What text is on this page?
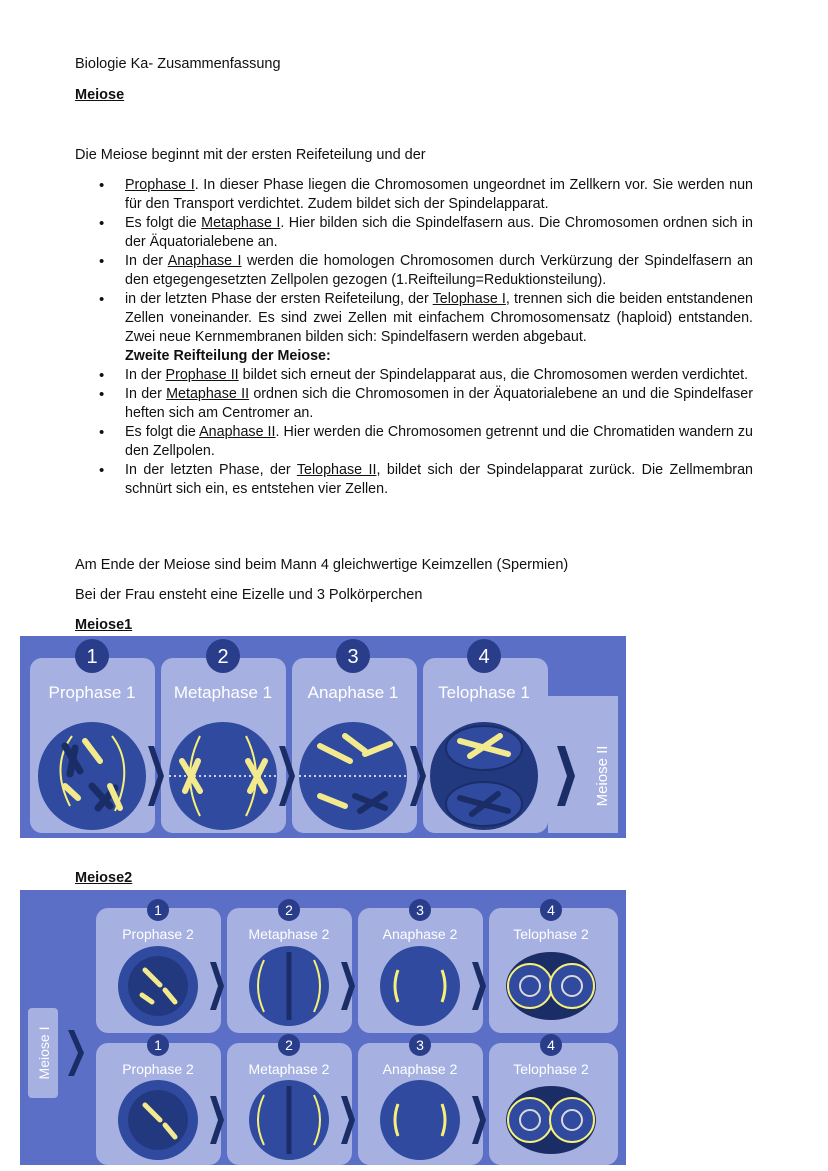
Biologie Ka- Zusammenfassung
Meiose
Die Meiose beginnt mit der ersten Reifeteilung und der
• Prophase I. In dieser Phase liegen die Chromosomen ungeordnet im Zellkern vor. Sie werden nun für den Transport verdichtet. Zudem bildet sich der Spindelapparat.
• Es folgt die Metaphase I. Hier bilden sich die Spindelfasern aus. Die Chromosomen ordnen sich in der Äquatorialebene an.
• In der Anaphase I werden die homologen Chromosomen durch Verkürzung der Spindelfasern an den etgegengesetzten Zellpolen gezogen (1.Reifteilung=Reduktionsteilung).
• in der letzten Phase der ersten Reifeteilung, der Telophase I, trennen sich die beiden entstandenen Zellen voneinander. Es sind zwei Zellen mit einfachem Chromosomensatz (haploid) entstanden. Zwei neue Kernmembranen bilden sich: Spindelfasern werden abgebaut.
Zweite Reifteilung der Meiose:
• In der Prophase II bildet sich erneut der Spindelapparat aus, die Chromosomen werden verdichtet.
• In der Metaphase II ordnen sich die Chromosomen in der Äquatorialebene an und die Spindelfaser heften sich am Centromer an.
• Es folgt die Anaphase II. Hier werden die Chromosomen getrennt und die Chromatiden wandern zu den Zellpolen.
• In der letzten Phase, der Telophase II, bildet sich der Spindelapparat zurück. Die Zellmembran schnürt sich ein, es entstehen vier Zellen.
Am Ende der Meiose sind beim Mann 4 gleichwertige Keimzellen (Spermien)
Bei der Frau ensteht eine Eizelle und 3 Polkörperchen
Meiose1
1	2	3	4
Prophase 1 Metaphase 1 Anaphase 1 Telophase 1
Meiose II
Meiose2
Meiose I
1	2	3	4
Prophase 2	Metaphase 2	Anaphase 2	Telophase 2
1	2	3	4
Prophase 2	Metaphase 2	Anaphase 2	Telophase 2
